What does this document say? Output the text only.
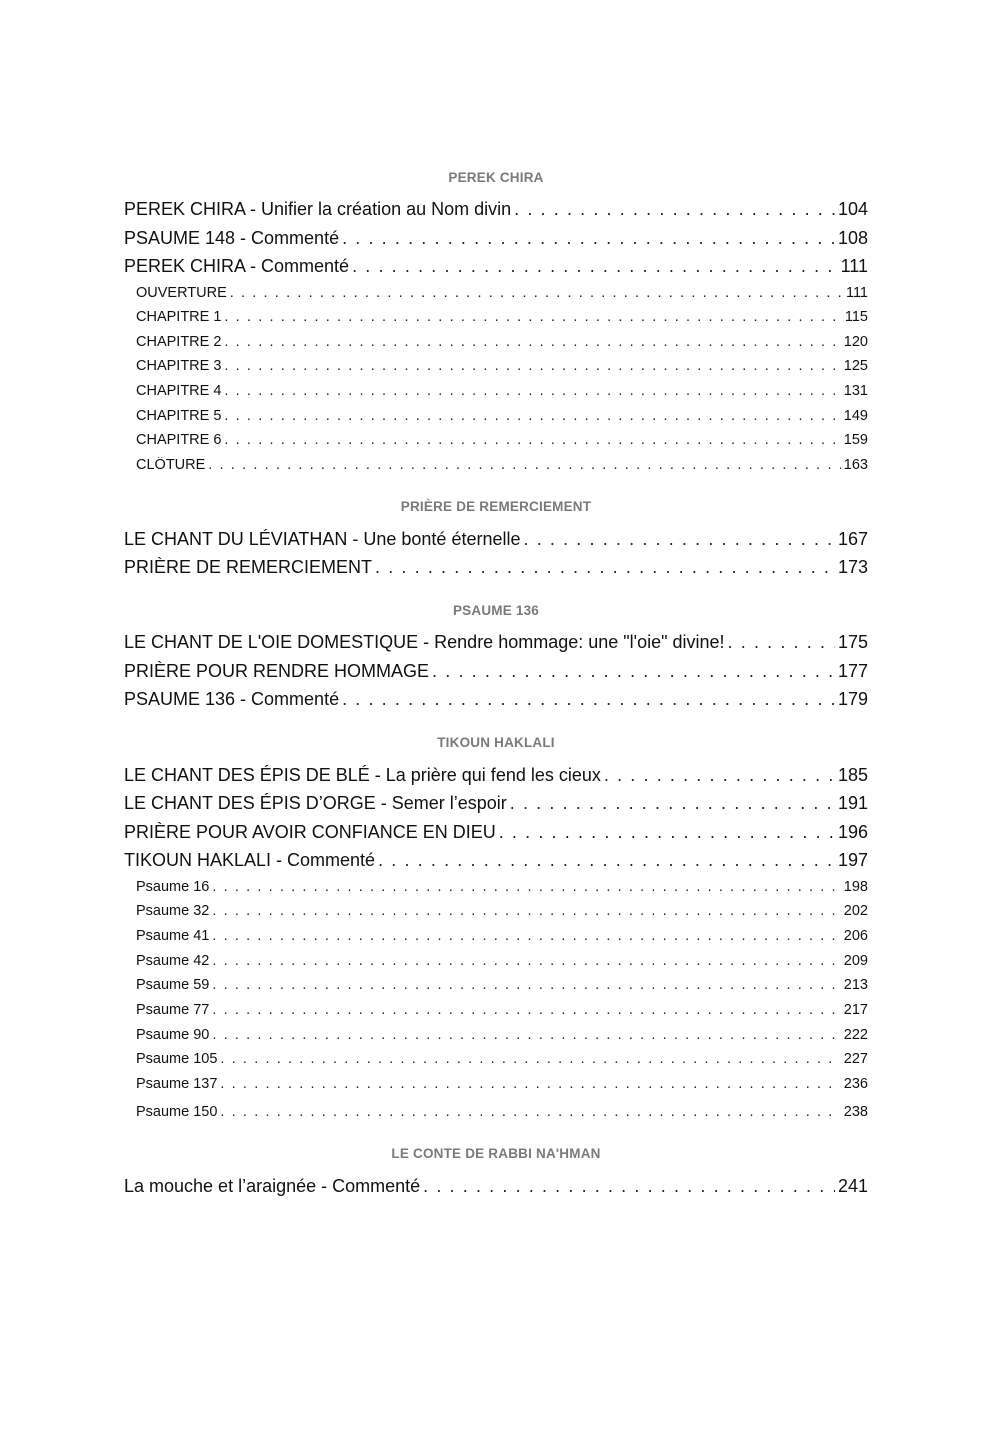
PEREK CHIRA
PEREK CHIRA - Unifier la création au Nom divin . . .	104
PSAUME 148 - Commenté . . .	108
PEREK CHIRA - Commenté . . .	111
OUVERTURE . . .	111
CHAPITRE 1 . . .	115
CHAPITRE 2 . . .	120
CHAPITRE 3 . . .	125
CHAPITRE 4 . . .	131
CHAPITRE 5 . . .	149
CHAPITRE 6 . . .	159
CLÔTURE . . .	163
PRIÈRE DE REMERCIEMENT
LE CHANT DU LÉVIATHAN - Une bonté éternelle . . .	167
PRIÈRE DE REMERCIEMENT . . .	173
PSAUME 136
LE CHANT DE L'OIE DOMESTIQUE - Rendre hommage: une "l'oie" divine! . . .	175
PRIÈRE POUR RENDRE HOMMAGE . . .	177
PSAUME 136 - Commenté . . .	179
TIKOUN HAKLALI
LE CHANT DES ÉPIS DE BLÉ - La prière qui fend les cieux . . .	185
LE CHANT DES ÉPIS D’ORGE - Semer l’espoir . . .	191
PRIÈRE POUR AVOIR CONFIANCE EN DIEU . . .	196
TIKOUN HAKLALI - Commenté . . .	197
Psaume 16 . . .	198
Psaume 32 . . .	202
Psaume 41 . . .	206
Psaume 42 . . .	209
Psaume 59 . . .	213
Psaume 77 . . .	217
Psaume 90 . . .	222
Psaume 105 . . .	227
Psaume 137 . . .	236
Psaume 150 . . .	238
LE CONTE DE RABBI NA'HMAN
La mouche et l’araignée - Commenté . . .	241
